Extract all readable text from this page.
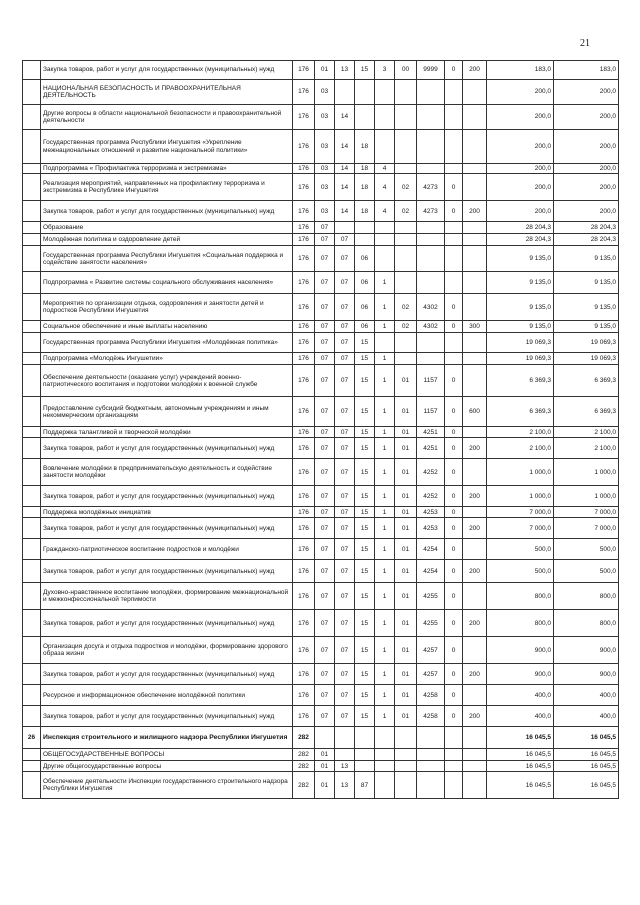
21
	Закупка товаров, работ и услуг для государственных (муниципальных) нужд	176	01	13	15	3	00	9999	0	200	183,0	183,0
	НАЦИОНАЛЬНАЯ БЕЗОПАСНОСТЬ И ПРАВООХРАНИТЕЛЬНАЯ ДЕЯТЕЛЬНОСТЬ	176	03								200,0	200,0
	Другие вопросы в области национальной безопасности и правоохранительной деятельности	176	03	14							200,0	200,0
	Государственная программа Республики Ингушетия «Укрепление межнациональных отношений и развитие национальной политики»	176	03	14	18						200,0	200,0
	Подпрограмма « Профилактика терроризма и экстремизма»	176	03	14	18	4					200,0	200,0
	Реализация мероприятий, направленных на профилактику терроризма и экстремизма в Республике Ингушетия	176	03	14	18	4	02	4273	0		200,0	200,0
	Закупка товаров, работ и услуг для государственных (муниципальных) нужд	176	03	14	18	4	02	4273	0	200	200,0	200,0
	Образование	176	07								28 204,3	28 204,3
	Молодёжная политика и оздоровление детей	176	07	07							28 204,3	28 204,3
	Государственная программа Республики Ингушетия «Социальная поддержка и содействие занятости населения»	176	07	07	06						9 135,0	9 135,0
	Подпрограмма « Развитие системы социального обслуживания населения»	176	07	07	06	1					9 135,0	9 135,0
	Мероприятия по организации отдыха, оздоровления и занятости детей и подростков Республики Ингушетия	176	07	07	06	1	02	4302	0		9 135,0	9 135,0
	Социальное обеспечение и иные выплаты населению	176	07	07	06	1	02	4302	0	300	9 135,0	9 135,0
	Государственная программа Республики Ингушетия «Молодёжная политика»	176	07	07	15						19 069,3	19 069,3
	Подпрограмма «Молодёжь Ингушетии»	176	07	07	15	1					19 069,3	19 069,3
	Обеспечение деятельности (оказание услуг) учреждений военно-патриотического воспитания и подготовки молодёжи к военной службе	176	07	07	15	1	01	1157	0		6 369,3	6 369,3
	Предоставление субсидий бюджетным, автономным учреждениям и иным некоммерческим организациям	176	07	07	15	1	01	1157	0	600	6 369,3	6 369,3
	Поддержка талантливой и творческой молодёжи	176	07	07	15	1	01	4251	0		2 100,0	2 100,0
	Закупка товаров, работ и услуг для государственных (муниципальных) нужд	176	07	07	15	1	01	4251	0	200	2 100,0	2 100,0
	Вовлечение молодёжи в предпринимательскую деятельность и содействие занятости молодёжи	176	07	07	15	1	01	4252	0		1 000,0	1 000,0
	Закупка товаров, работ и услуг для государственных (муниципальных) нужд	176	07	07	15	1	01	4252	0	200	1 000,0	1 000,0
	Поддержка молодёжных инициатив	176	07	07	15	1	01	4253	0		7 000,0	7 000,0
	Закупка товаров, работ и услуг для государственных (муниципальных) нужд	176	07	07	15	1	01	4253	0	200	7 000,0	7 000,0
	Гражданско-патриотическое воспитание подростков и молодёжи	176	07	07	15	1	01	4254	0		500,0	500,0
	Закупка товаров, работ и услуг для государственных (муниципальных) нужд	176	07	07	15	1	01	4254	0	200	500,0	500,0
	Духовно-нравственное воспитание молодёжи, формирование межнациональной и межконфессиональной терпимости	176	07	07	15	1	01	4255	0		800,0	800,0
	Закупка товаров, работ и услуг для государственных (муниципальных) нужд	176	07	07	15	1	01	4255	0	200	800,0	800,0
	Организация досуга и отдыха подростков и молодёжи, формирование здорового образа жизни	176	07	07	15	1	01	4257	0		900,0	900,0
	Закупка товаров, работ и услуг для государственных (муниципальных) нужд	176	07	07	15	1	01	4257	0	200	900,0	900,0
	Ресурсное и информационное обеспечение молодёжной политики	176	07	07	15	1	01	4258	0		400,0	400,0
	Закупка товаров, работ и услуг для государственных (муниципальных) нужд	176	07	07	15	1	01	4258	0	200	400,0	400,0
26	Инспекция строительного и жилищного надзора Республики Ингушетия	282									16 045,5	16 045,5
	ОБЩЕГОСУДАРСТВЕННЫЕ ВОПРОСЫ	282	01								16 045,5	16 045,5
	Другие общегосударственные вопросы	282	01	13							16 045,5	16 045,5
	Обеспечение деятельности Инспекции государственного строительного надзора Республики Ингушетия	282	01	13	87						16 045,5	16 045,5
